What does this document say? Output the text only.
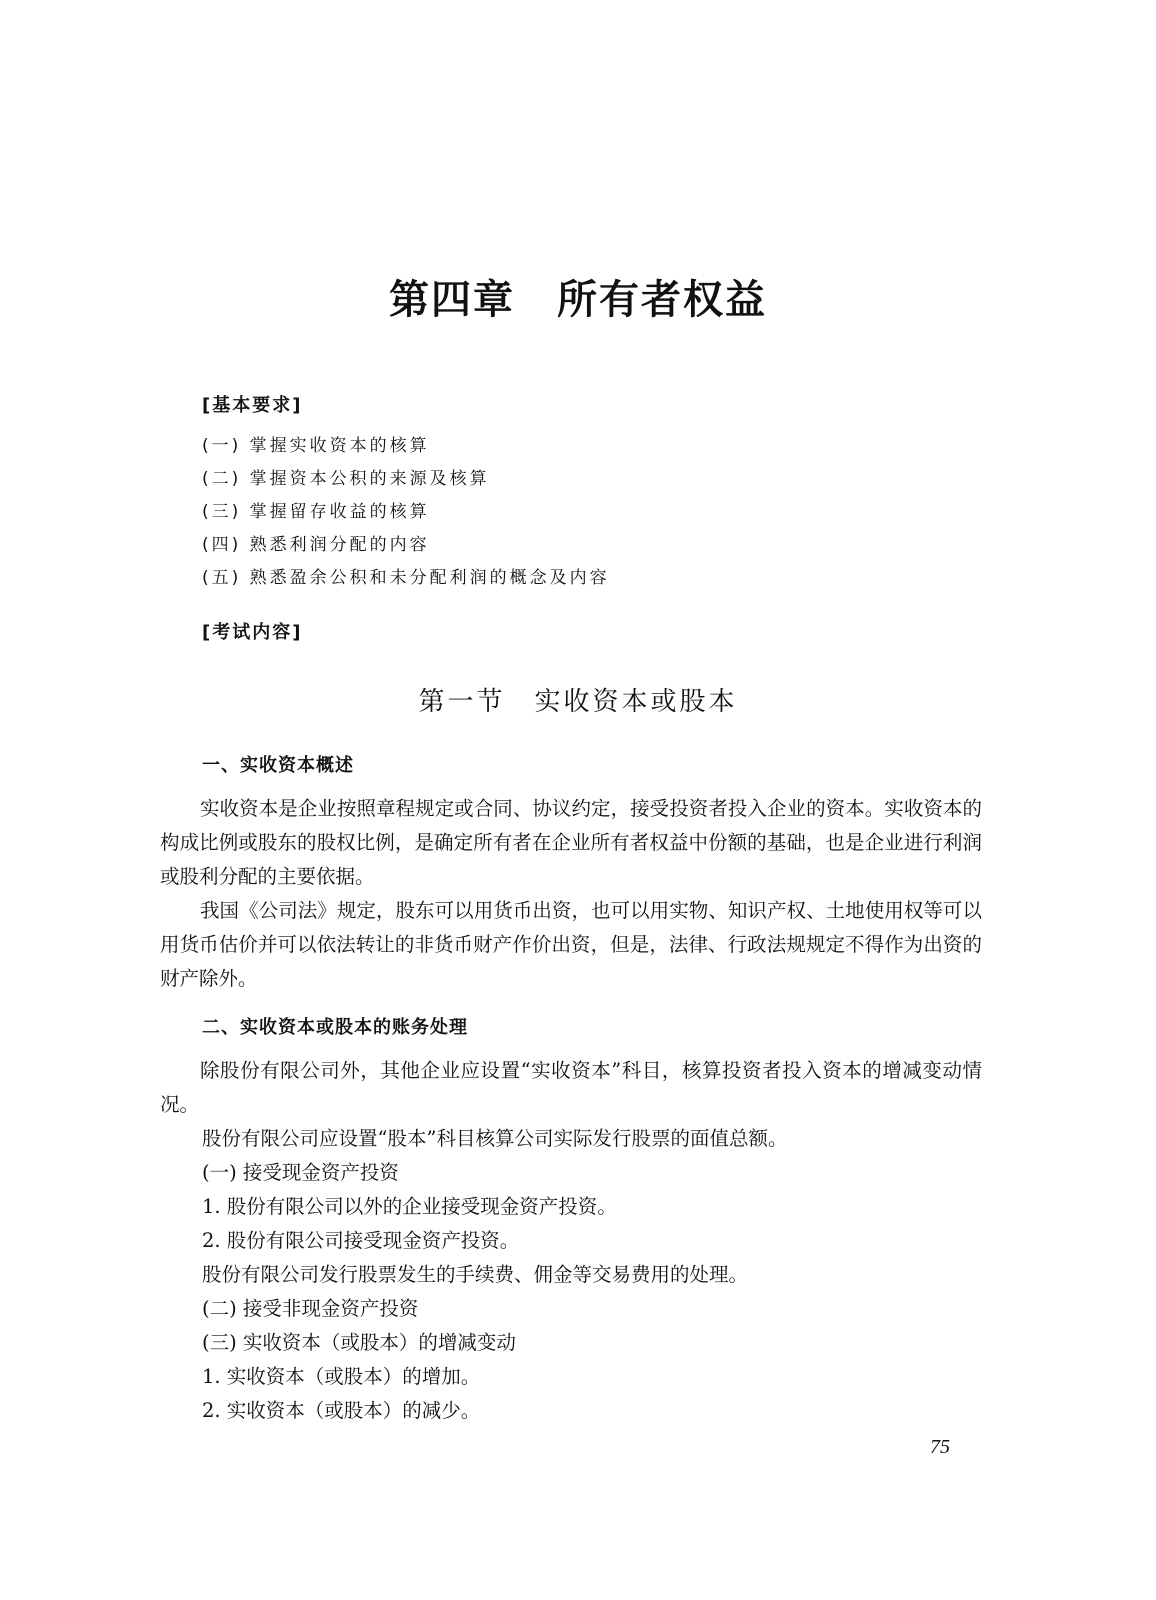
第四章　所有者权益
[基本要求]
(一) 掌握实收资本的核算
(二) 掌握资本公积的来源及核算
(三) 掌握留存收益的核算
(四) 熟悉利润分配的内容
(五) 熟悉盈余公积和未分配利润的概念及内容
[考试内容]
第一节　实收资本或股本
一、实收资本概述
实收资本是企业按照章程规定或合同、协议约定，接受投资者投入企业的资本。实收资本的构成比例或股东的股权比例，是确定所有者在企业所有者权益中份额的基础，也是企业进行利润或股利分配的主要依据。
我国《公司法》规定，股东可以用货币出资，也可以用实物、知识产权、土地使用权等可以用货币估价并可以依法转让的非货币财产作价出资，但是，法律、行政法规规定不得作为出资的财产除外。
二、实收资本或股本的账务处理
除股份有限公司外，其他企业应设置“实收资本”科目，核算投资者投入资本的增减变动情况。
股份有限公司应设置“股本”科目核算公司实际发行股票的面值总额。
(一) 接受现金资产投资
1. 股份有限公司以外的企业接受现金资产投资。
2. 股份有限公司接受现金资产投资。
股份有限公司发行股票发生的手续费、佣金等交易费用的处理。
(二) 接受非现金资产投资
(三) 实收资本（或股本）的增减变动
1. 实收资本（或股本）的增加。
2. 实收资本（或股本）的减少。
75
